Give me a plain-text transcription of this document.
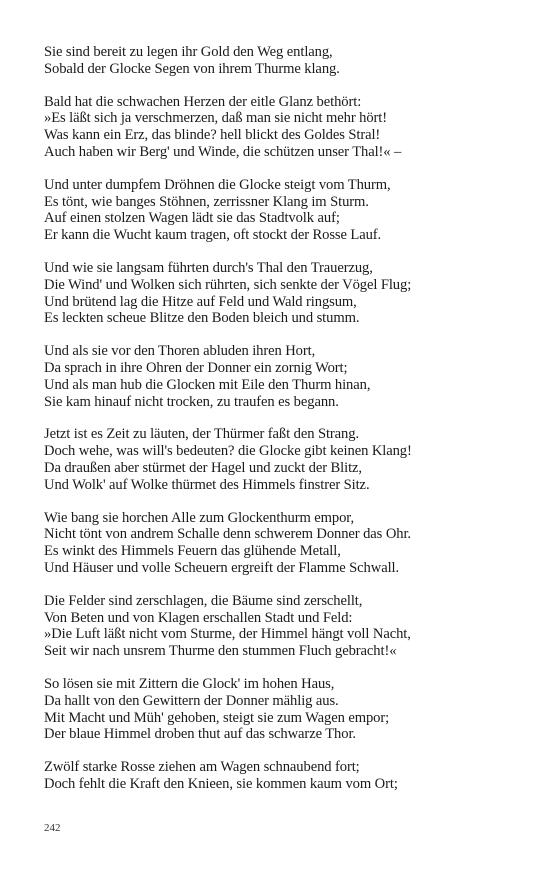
Sie sind bereit zu legen ihr Gold den Weg entlang,
Sobald der Glocke Segen von ihrem Thurme klang.
Bald hat die schwachen Herzen der eitle Glanz bethört:
»Es läßt sich ja verschmerzen, daß man sie nicht mehr hört!
Was kann ein Erz, das blinde? hell blickt des Goldes Stral!
Auch haben wir Berg' und Winde, die schützen unser Thal!« –
Und unter dumpfem Dröhnen die Glocke steigt vom Thurm,
Es tönt, wie banges Stöhnen, zerrissner Klang im Sturm.
Auf einen stolzen Wagen lädt sie das Stadtvolk auf;
Er kann die Wucht kaum tragen, oft stockt der Rosse Lauf.
Und wie sie langsam führten durch's Thal den Trauerzug,
Die Wind' und Wolken sich rührten, sich senkte der Vögel Flug;
Und brütend lag die Hitze auf Feld und Wald ringsum,
Es leckten scheue Blitze den Boden bleich und stumm.
Und als sie vor den Thoren abluden ihren Hort,
Da sprach in ihre Ohren der Donner ein zornig Wort;
Und als man hub die Glocken mit Eile den Thurm hinan,
Sie kam hinauf nicht trocken, zu traufen es begann.
Jetzt ist es Zeit zu läuten, der Thürmer faßt den Strang.
Doch wehe, was will's bedeuten? die Glocke gibt keinen Klang!
Da draußen aber stürmet der Hagel und zuckt der Blitz,
Und Wolk' auf Wolke thürmet des Himmels finstrer Sitz.
Wie bang sie horchen Alle zum Glockenthurm empor,
Nicht tönt von andrem Schalle denn schwerem Donner das Ohr.
Es winkt des Himmels Feuern das glühende Metall,
Und Häuser und volle Scheuern ergreift der Flamme Schwall.
Die Felder sind zerschlagen, die Bäume sind zerschellt,
Von Beten und von Klagen erschallen Stadt und Feld:
»Die Luft läßt nicht vom Sturme, der Himmel hängt voll Nacht,
Seit wir nach unsrem Thurme den stummen Fluch gebracht!«
So lösen sie mit Zittern die Glock' im hohen Haus,
Da hallt von den Gewittern der Donner mählig aus.
Mit Macht und Müh' gehoben, steigt sie zum Wagen empor;
Der blaue Himmel droben thut auf das schwarze Thor.
Zwölf starke Rosse ziehen am Wagen schnaubend fort;
Doch fehlt die Kraft den Knieen, sie kommen kaum vom Ort;
242
